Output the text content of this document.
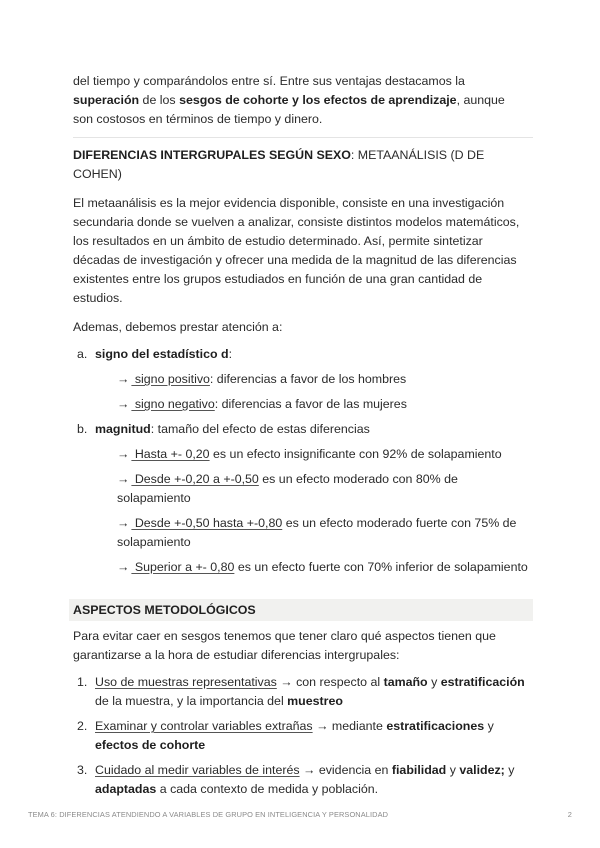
del tiempo y comparándolos entre sí. Entre sus ventajas destacamos la
superación de los sesgos de cohorte y los efectos de aprendizaje, aunque
son costosos en términos de tiempo y dinero.

DIFERENCIAS INTERGRUPALES SEGÚN SEXO: METAANÁLISIS (D DE COHEN)

El metaanálisis es la mejor evidencia disponible, consiste en una investigación secundaria donde se vuelven a analizar, consiste distintos modelos matemáticos, los resultados en un ámbito de estudio determinado. Así, permite sintetizar décadas de investigación y ofrecer una medida de la magnitud de las diferencias existentes entre los grupos estudiados en función de una gran cantidad de estudios.

Ademas, debemos prestar atención a:

a. signo del estadístico d:
→ signo positivo: diferencias a favor de los hombres
→ signo negativo: diferencias a favor de las mujeres
b. magnitud: tamaño del efecto de estas diferencias
→ Hasta +- 0,20 es un efecto insignificante con 92% de solapamiento
→ Desde +-0,20 a +-0,50 es un efecto moderado con 80% de solapamiento
→ Desde +-0,50 hasta +-0,80 es un efecto moderado fuerte con 75% de solapamiento
→ Superior a +- 0,80 es un efecto fuerte con 70% inferior de solapamiento
ASPECTOS METODOLÓGICOS

Para evitar caer en sesgos tenemos que tener claro qué aspectos tienen que garantizarse a la hora de estudiar diferencias intergrupales:

1. Uso de muestras representativas → con respecto al tamaño y estratificación de la muestra, y la importancia del muestreo
2. Examinar y controlar variables extrañas → mediante estratificaciones y efectos de cohorte
3. Cuidado al medir variables de interés → evidencia en fiabilidad y validez; y adaptadas a cada contexto de medida y población.
TEMA 6: DIFERENCIAS ATENDIENDO A VARIABLES DE GRUPO EN INTELIGENCIA Y PERSONALIDAD	2
